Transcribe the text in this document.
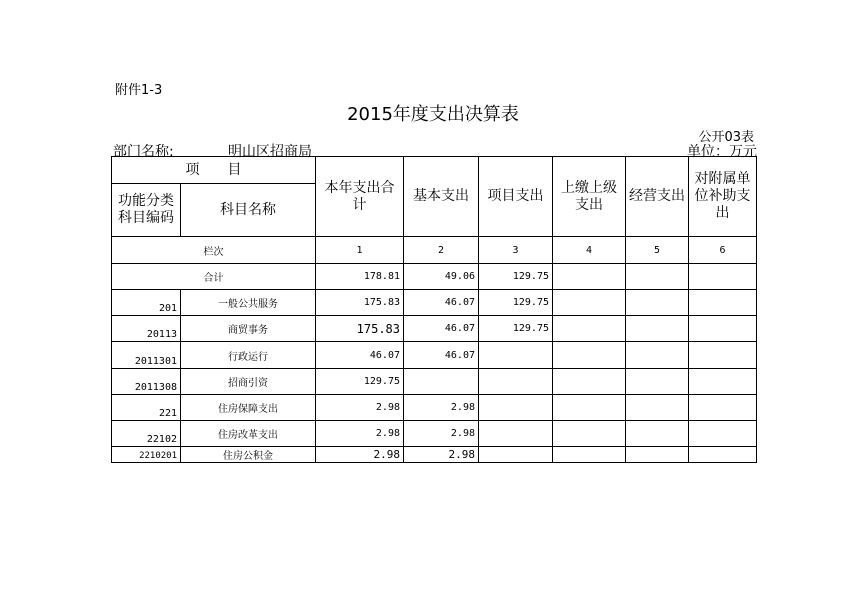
附件1-3
2015年度支出决算表
公开03表
部门名称:	明山区招商局	单位：万元
项　　目		本年支出合计	基本支出	项目支出	上缴上级支出	经营支出	对附属单位补助支出
功能分类科目编码	科目名称						
栏次		1	2	3	4	5	6
合计		178.81	49.06	129.75			
201	一般公共服务	175.83	46.07	129.75			
20113	商贸事务	175.83	46.07	129.75			
2011301	行政运行	46.07	46.07				
2011308	招商引资	129.75					
221	住房保障支出	2.98	2.98				
22102	住房改革支出	2.98	2.98				
2210201	住房公积金	2.98	2.98				
